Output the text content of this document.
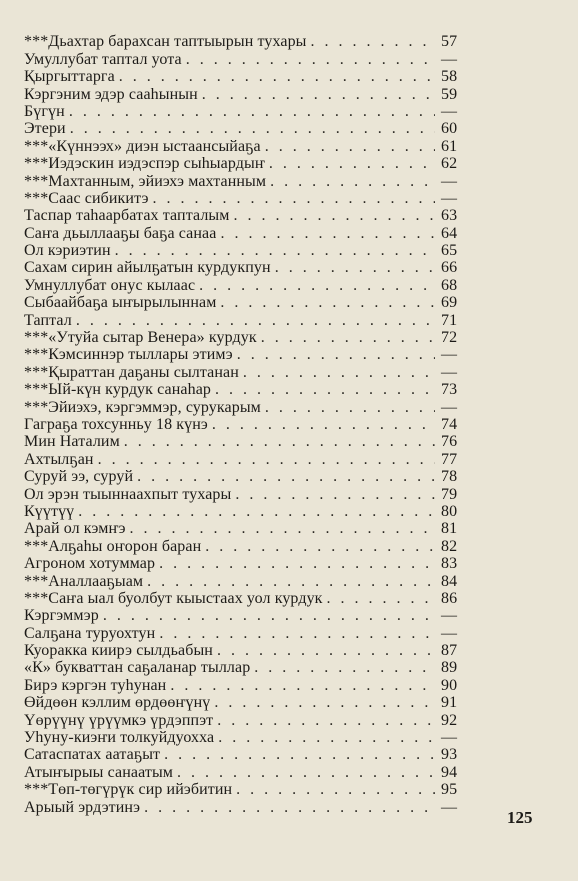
***Дьахтар барахсан таптыырын тухары . . .	57
Умуллубат таптал уота . . .	—
Қыргыттарга . . .	58
Кэргэним эдэр сааһынын . . .	59
Бүгүн . . .	—
Этери . . .	60
***«Күннээх» диэн ыстаансыйаҕа . . .	61
***Иэдэскин иэдэспэр сыһыардыҥ . . .	62
***Махтанным, эйиэхэ махтанным . . .	—
***Саас сибикитэ . . .	—
Таспар таһаарбатах тапталым . . .	63
Саҥа дьыллааҕы баҕа санаа . . .	64
Ол кэриэтин . . .	65
Сахам сирин айылҕатын курдукпун . . .	66
Умнуллубат онус кылаас . . .	68
Сыбаайбаҕа ыҥырылыннам . . .	69
Таптал . . .	71
***«Утуйа сытар Венера» курдук . . .	72
***Кэмсиннэр тыллары этимэ . . .	—
***Қыраттан даҕаны сылтанан . . .	—
***Ый-күн курдук санаһар . . .	73
***Эйиэхэ, кэргэммэр, сурукарым . . .	—
Гаграҕа тохсунньу 18 күнэ . . .	74
Мин Наталим . . .	76
Ахтылҕан . . .	77
Суруй ээ, суруй . . .	78
Ол эрэн тыыннаахпыт тухары . . .	79
Күүтүү . . .	80
Арай ол кэмҥэ . . .	81
***Алҕаһы оҥорон баран . . .	82
Агроном хотуммар . . .	83
***Аналлааҕыам . . .	84
***Саҥа ыал буолбут кыыстаах уол курдук . . .	86
Кэргэммэр . . .	—
Салҕана туруохтун . . .	—
Куоракка киирэ сылдьабын . . .	87
«К» букваттан саҕаланар тыллар . . .	89
Бирэ кэргэн туһунан . . .	90
Өйдөөн кэллим өрдөөҥүнү . . .	91
Үөрүүнү үрүүмкэ үрдэппэт . . .	92
Уһуну-киэҥи толкуйдуохха . . .	—
Сатаспатах аатаҕыт . . .	93
Атыҥырыы санаатым . . .	94
***Төп-төгүрүк сир ийэбитин . . .	95
Арыый эрдэтинэ . . .	—
125
